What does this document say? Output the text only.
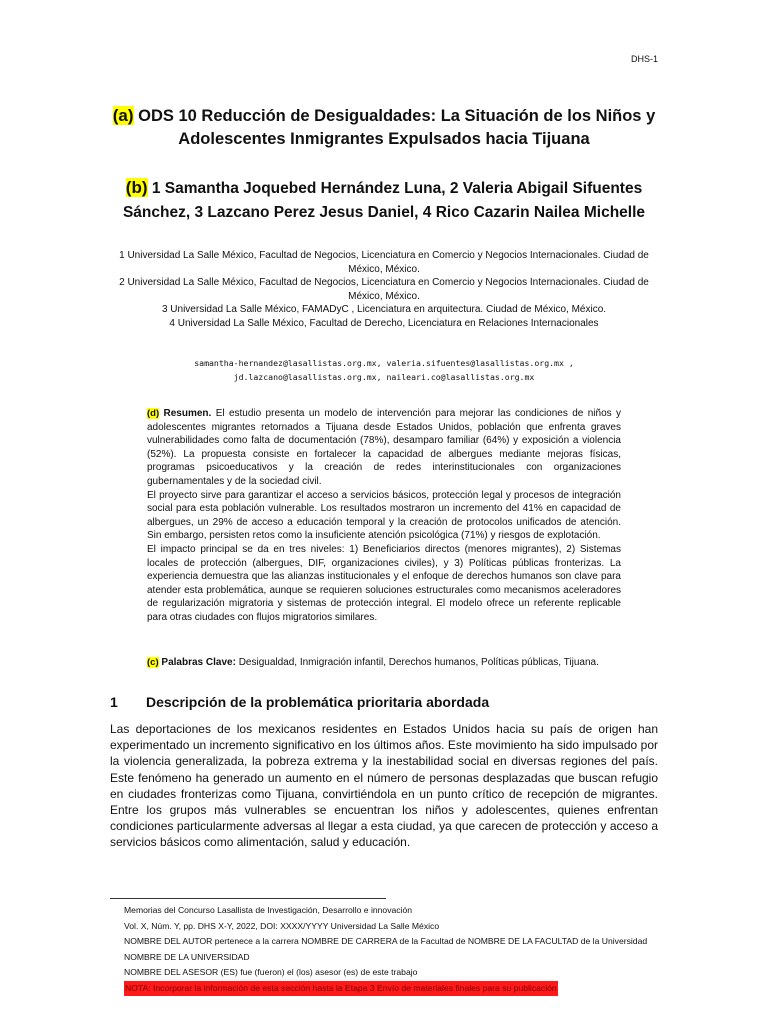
DHS-1
(a) ODS 10 Reducción de Desigualdades: La Situación de los Niños y
Adolescentes Inmigrantes Expulsados hacia Tijuana
(b) 1 Samantha Joquebed Hernández Luna, 2 Valeria Abigail Sifuentes
Sánchez, 3 Lazcano Perez Jesus Daniel, 4 Rico Cazarin Nailea Michelle
1 Universidad La Salle México, Facultad de Negocios, Licenciatura en Comercio y Negocios Internacionales. Ciudad de México, México.
2 Universidad La Salle México, Facultad de Negocios, Licenciatura en Comercio y Negocios Internacionales. Ciudad de México, México.
3 Universidad La Salle México, FAMADyC , Licenciatura en arquitectura. Ciudad de México, México.
4 Universidad La Salle México, Facultad de Derecho, Licenciatura en Relaciones Internacionales
samantha-hernandez@lasallistas.org.mx, valeria.sifuentes@lasallistas.org.mx ,
jd.lazcano@lasallistas.org.mx, naileari.co@lasallistas.org.mx

(d) Resumen. El estudio presenta un modelo de intervención para mejorar las condiciones de niños y adolescentes migrantes retornados a Tijuana desde Estados Unidos, población que enfrenta graves vulnerabilidades como falta de documentación (78%), desamparo familiar (64%) y exposición a violencia (52%). La propuesta consiste en fortalecer la capacidad de albergues mediante mejoras físicas, programas psicoeducativos y la creación de redes interinstitucionales con organizaciones gubernamentales y de la sociedad civil.

El proyecto sirve para garantizar el acceso a servicios básicos, protección legal y procesos de integración social para esta población vulnerable. Los resultados mostraron un incremento del 41% en capacidad de albergues, un 29% de acceso a educación temporal y la creación de protocolos unificados de atención. Sin embargo, persisten retos como la insuficiente atención psicológica (71%) y riesgos de explotación.

El impacto principal se da en tres niveles: 1) Beneficiarios directos (menores migrantes), 2) Sistemas locales de protección (albergues, DIF, organizaciones civiles), y 3) Políticas públicas fronterizas. La experiencia demuestra que las alianzas institucionales y el enfoque de derechos humanos son clave para atender esta problemática, aunque se requieren soluciones estructurales como mecanismos aceleradores de regularización migratoria y sistemas de protección integral. El modelo ofrece un referente replicable para otras ciudades con flujos migratorios similares.

(c) Palabras Clave: Desigualdad, Inmigración infantil, Derechos humanos, Políticas públicas, Tijuana.
1 Descripción de la problemática prioritaria abordada
Las deportaciones de los mexicanos residentes en Estados Unidos hacia su país de origen han experimentado un incremento significativo en los últimos años. Este movimiento ha sido impulsado por la violencia generalizada, la pobreza extrema y la inestabilidad social en diversas regiones del país. Este fenómeno ha generado un aumento en el número de personas desplazadas que buscan refugio en ciudades fronterizas como Tijuana, convirtiéndola en un punto crítico de recepción de migrantes. Entre los grupos más vulnerables se encuentran los niños y adolescentes, quienes enfrentan condiciones particularmente adversas al llegar a esta ciudad, ya que carecen de protección y acceso a servicios básicos como alimentación, salud y educación.
Memorias del Concurso Lasallista de Investigación, Desarrollo e innovación
Vol. X, Núm. Y, pp. DHS X-Y, 2022, DOI: XXXX/YYYY Universidad La Salle México
NOMBRE DEL AUTOR pertenece a la carrera NOMBRE DE CARRERA de la Facultad de NOMBRE DE LA FACULTAD de la Universidad
NOMBRE DE LA UNIVERSIDAD
NOMBRE DEL ASESOR (ES) fue (fueron) el (los) asesor (es) de este trabajo
NOTA: Incorporar la información de esta sección hasta la Etapa 3 Envío de materiales finales para su publicación
